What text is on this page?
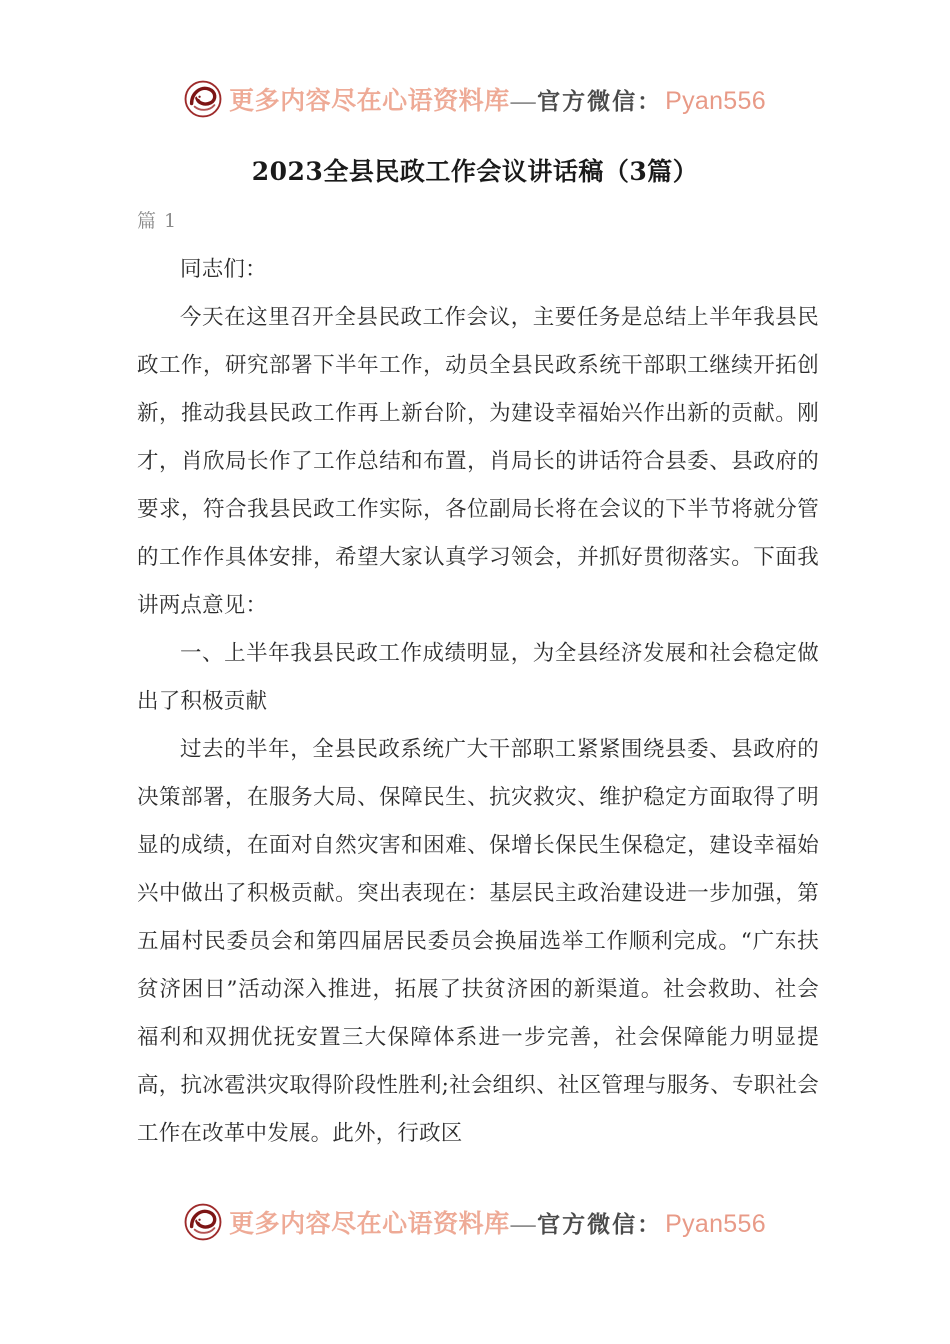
更多内容尽在心语资料库 — 官方微信： Pyan556
2023全县民政工作会议讲话稿（3篇）
篇 1

同志们：

今天在这里召开全县民政工作会议，主要任务是总结上半年我县民政工作，研究部署下半年工作，动员全县民政系统干部职工继续开拓创新，推动我县民政工作再上新台阶，为建设幸福始兴作出新的贡献。刚才，肖欣局长作了工作总结和布置，肖局长的讲话符合县委、县政府的要求，符合我县民政工作实际，各位副局长将在会议的下半节将就分管的工作作具体安排，希望大家认真学习领会，并抓好贯彻落实。下面我讲两点意见：

一、上半年我县民政工作成绩明显，为全县经济发展和社会稳定做出了积极贡献

过去的半年，全县民政系统广大干部职工紧紧围绕县委、县政府的决策部署，在服务大局、保障民生、抗灾救灾、维护稳定方面取得了明显的成绩，在面对自然灾害和困难、保增长保民生保稳定，建设幸福始兴中做出了积极贡献。突出表现在：基层民主政治建设进一步加强，第五届村民委员会和第四届居民委员会换届选举工作顺利完成。“广东扶贫济困日”活动深入推进，拓展了扶贫济困的新渠道。社会救助、社会福利和双拥优抚安置三大保障体系进一步完善，社会保障能力明显提高，抗冰雹洪灾取得阶段性胜利;社会组织、社区管理与服务、专职社会工作在改革中发展。此外，行政区

更多内容尽在心语资料库 — 官方微信： Pyan556
